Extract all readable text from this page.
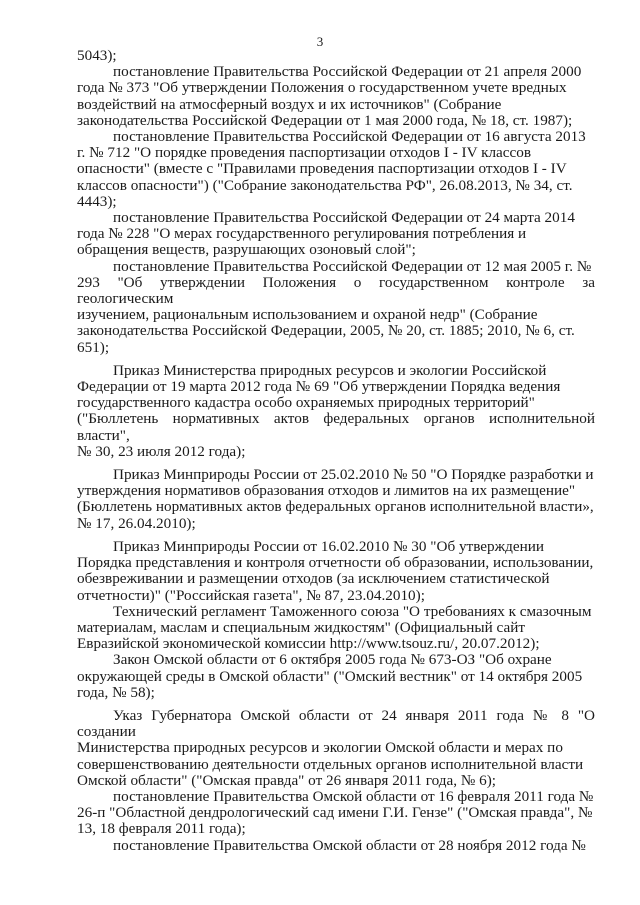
3

5043);

постановление Правительства Российской Федерации от 21 апреля 2000
года № 373 "Об утверждении Положения о государственном учете вредных
воздействий на атмосферный воздух и их источников" (Собрание
законодательства Российской Федерации от 1 мая 2000 года, № 18, ст. 1987);

постановление Правительства Российской Федерации от 16 августа 2013
г. № 712 "О порядке проведения паспортизации отходов I - IV классов
опасности" (вместе с "Правилами проведения паспортизации отходов I - IV
классов опасности") ("Собрание законодательства РФ", 26.08.2013, № 34, ст.
4443);

постановление Правительства Российской Федерации от 24 марта 2014
года № 228 "О мерах государственного регулирования потребления и
обращения веществ, разрушающих озоновый слой";

постановление Правительства Российской Федерации от 12 мая 2005 г. №
293 "Об утверждении Положения о государственном контроле за геологическим
изучением, рациональным использованием и охраной недр" (Собрание
законодательства Российской Федерации, 2005, № 20, ст. 1885; 2010, № 6, ст.
651);

Приказ Министерства природных ресурсов и экологии Российской
Федерации от 19 марта 2012 года № 69 "Об утверждении Порядка ведения
государственного кадастра особо охраняемых природных территорий"
("Бюллетень нормативных актов федеральных органов исполнительной власти",
№ 30, 23 июля 2012 года);

Приказ Минприроды России от 25.02.2010 № 50 "О Порядке разработки и
утверждения нормативов образования отходов и лимитов на их размещение"
(Бюллетень нормативных актов федеральных органов исполнительной власти»,
№ 17, 26.04.2010);

Приказ Минприроды России от 16.02.2010 № 30 "Об утверждении
Порядка представления и контроля отчетности об образовании, использовании,
обезвреживании и размещении отходов (за исключением статистической
отчетности)" ("Российская газета", № 87, 23.04.2010);

Технический регламент Таможенного союза "О требованиях к смазочным
материалам, маслам и специальным жидкостям" (Официальный сайт
Евразийской экономической комиссии http://www.tsouz.ru/, 20.07.2012);

Закон Омской области от 6 октября 2005 года № 673-ОЗ "Об охране
окружающей среды в Омской области" ("Омский вестник" от 14 октября 2005
года, № 58);

Указ Губернатора Омской области от 24 января 2011 года № 8 "О создании
Министерства природных ресурсов и экологии Омской области и мерах по
совершенствованию деятельности отдельных органов исполнительной власти
Омской области" ("Омская правда" от 26 января 2011 года, № 6);

постановление Правительства Омской области от 16 февраля 2011 года №
26-п "Областной дендрологический сад имени Г.И. Гензе" ("Омская правда", №
13, 18 февраля 2011 года);

постановление Правительства Омской области от 28 ноября 2012 года №
